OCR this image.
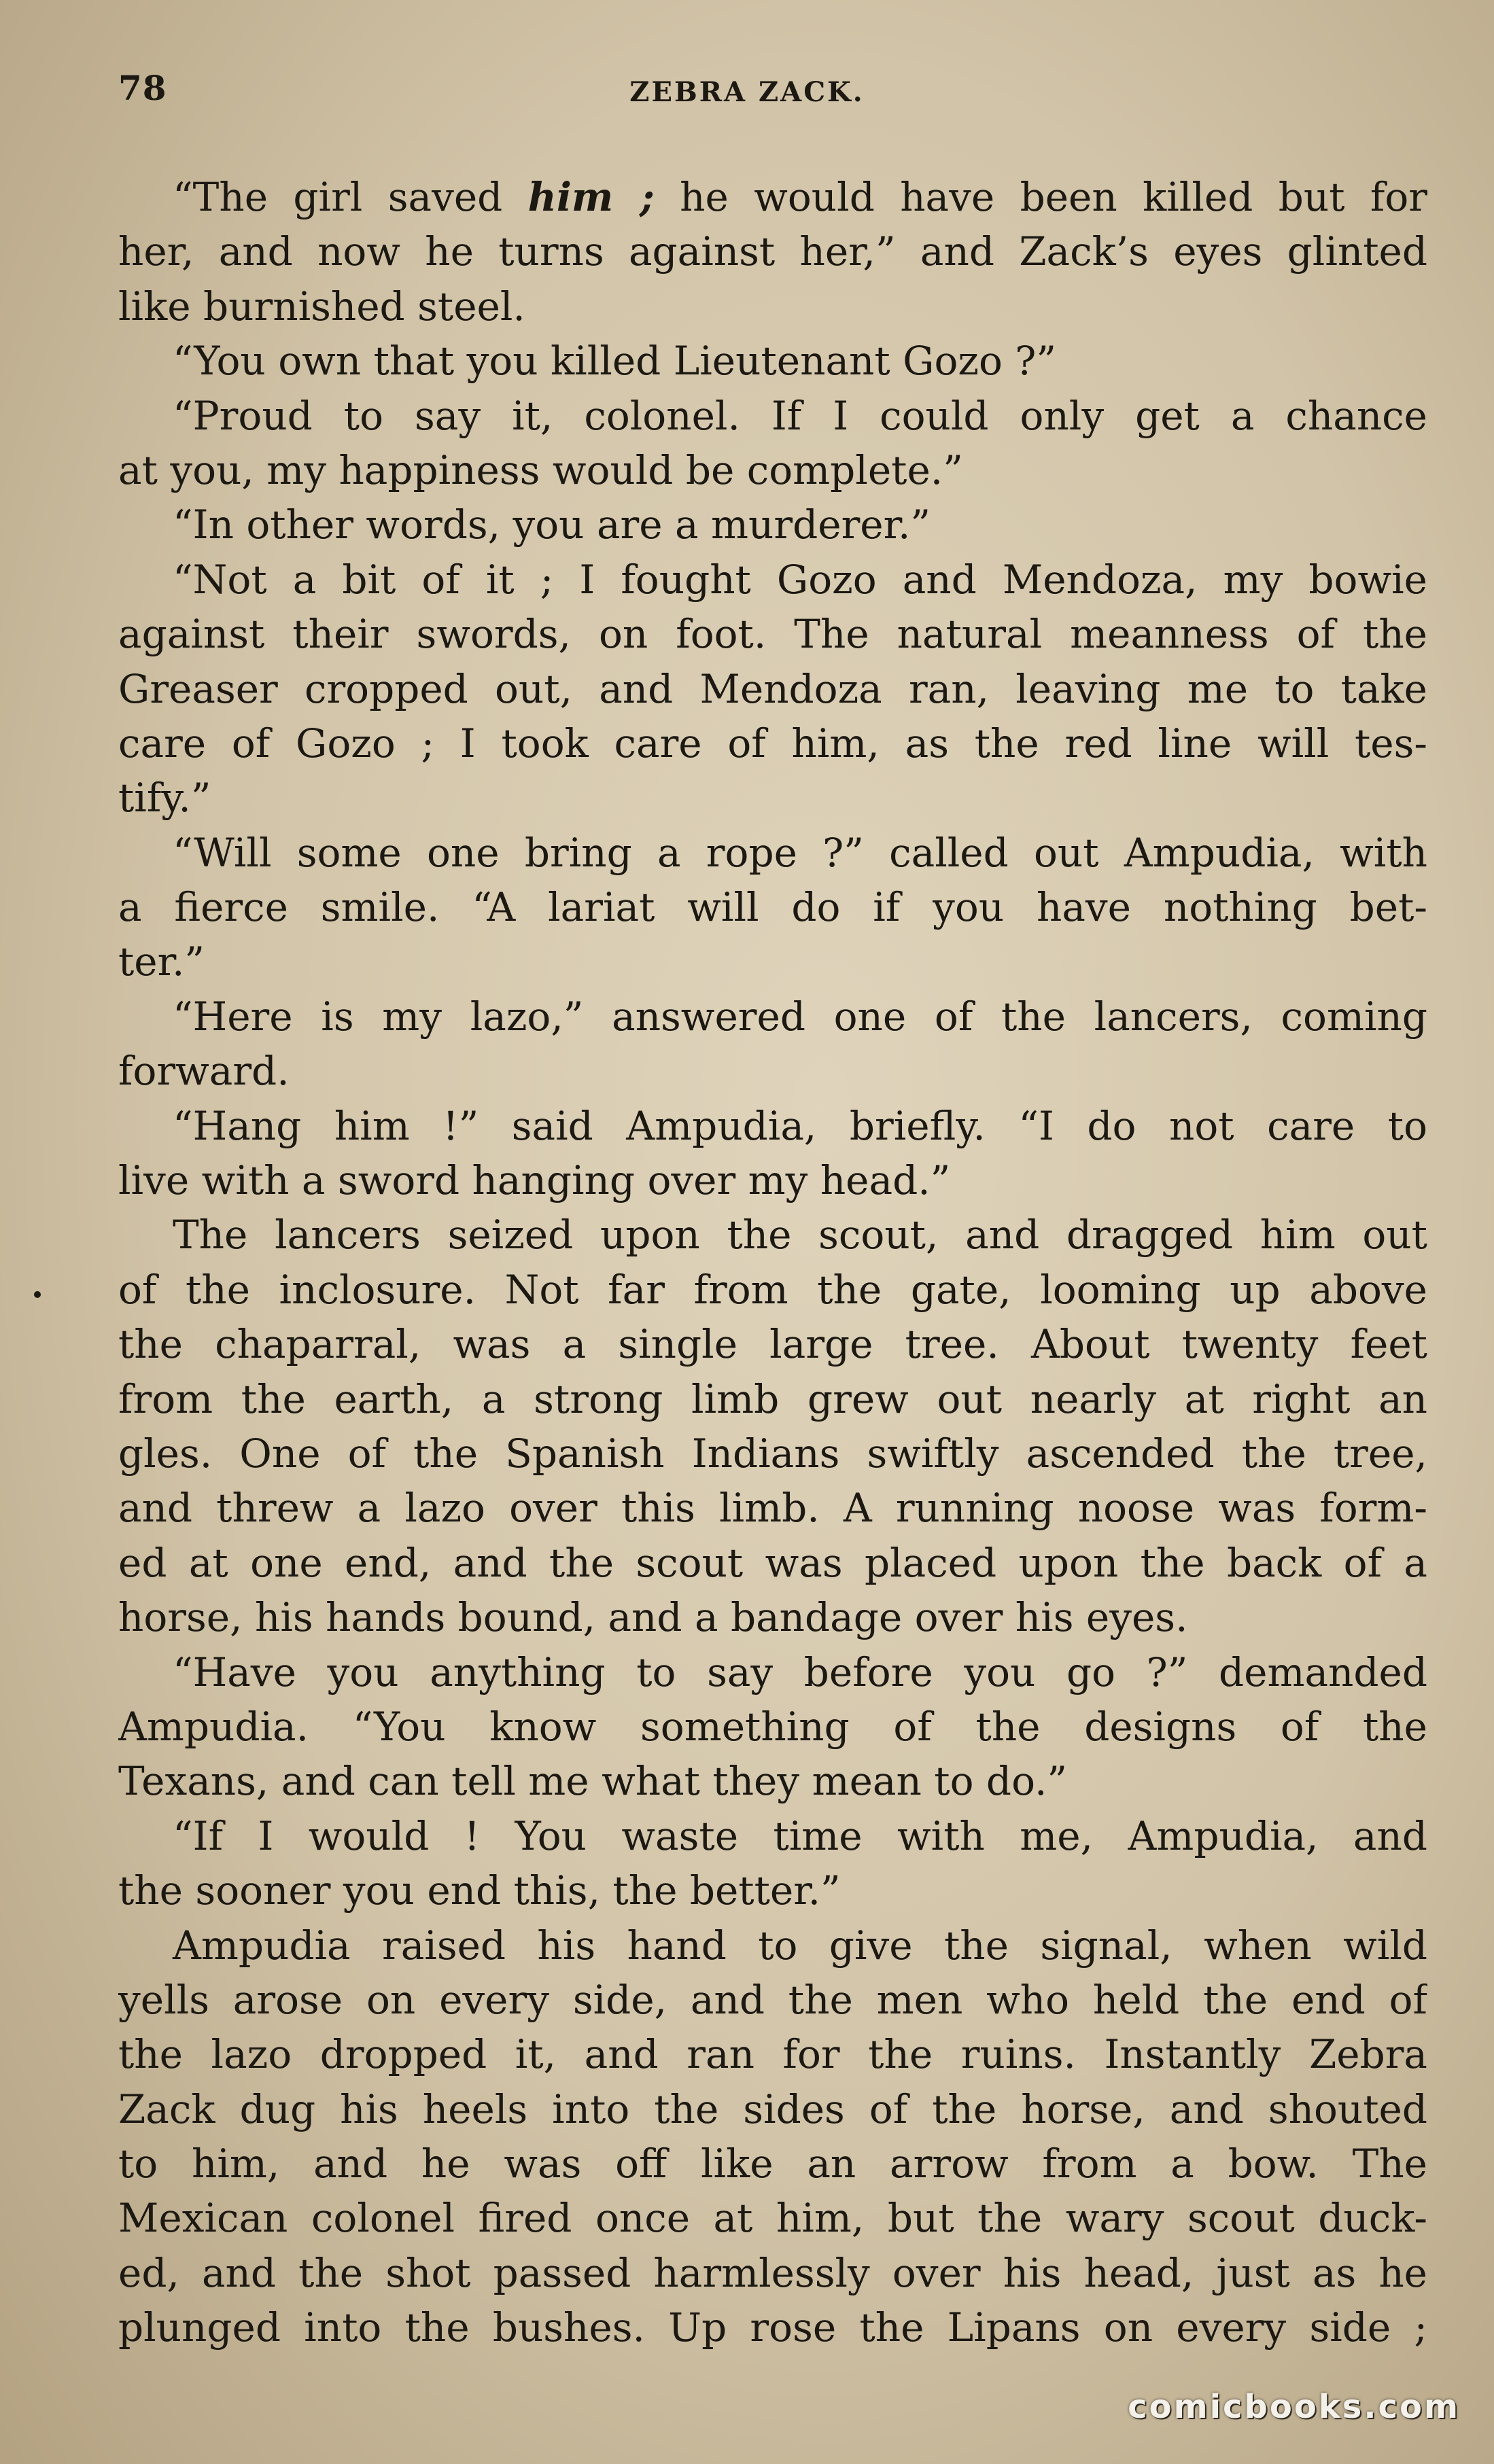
78	ZEBRA ZACK.
“The girl saved him ; he would have been killed but for
her, and now he turns against her,” and Zack’s eyes glinted
like burnished steel.
“You own that you killed Lieutenant Gozo ?”
“Proud to say it, colonel. If I could only get a chance
at you, my happiness would be complete.”
“In other words, you are a murderer.”
“Not a bit of it ; I fought Gozo and Mendoza, my bowie
against their swords, on foot. The natural meanness of the
Greaser cropped out, and Mendoza ran, leaving me to take
care of Gozo ; I took care of him, as the red line will tes-
tify.”
“Will some one bring a rope ?” called out Ampudia, with
a fierce smile. “A lariat will do if you have nothing bet-
ter.”
“Here is my lazo,” answered one of the lancers, coming
forward.
“Hang him !” said Ampudia, briefly. “I do not care to
live with a sword hanging over my head.”
The lancers seized upon the scout, and dragged him out
of the inclosure. Not far from the gate, looming up above
the chaparral, was a single large tree. About twenty feet
from the earth, a strong limb grew out nearly at right an
gles. One of the Spanish Indians swiftly ascended the tree,
and threw a lazo over this limb. A running noose was form-
ed at one end, and the scout was placed upon the back of a
horse, his hands bound, and a bandage over his eyes.
“Have you anything to say before you go ?” demanded
Ampudia. “You know something of the designs of the
Texans, and can tell me what they mean to do.”
“If I would ! You waste time with me, Ampudia, and
the sooner you end this, the better.”
Ampudia raised his hand to give the signal, when wild
yells arose on every side, and the men who held the end of
the lazo dropped it, and ran for the ruins. Instantly Zebra
Zack dug his heels into the sides of the horse, and shouted
to him, and he was off like an arrow from a bow. The
Mexican colonel fired once at him, but the wary scout duck-
ed, and the shot passed harmlessly over his head, just as he
plunged into the bushes. Up rose the Lipans on every side ;
comicbooks.com
